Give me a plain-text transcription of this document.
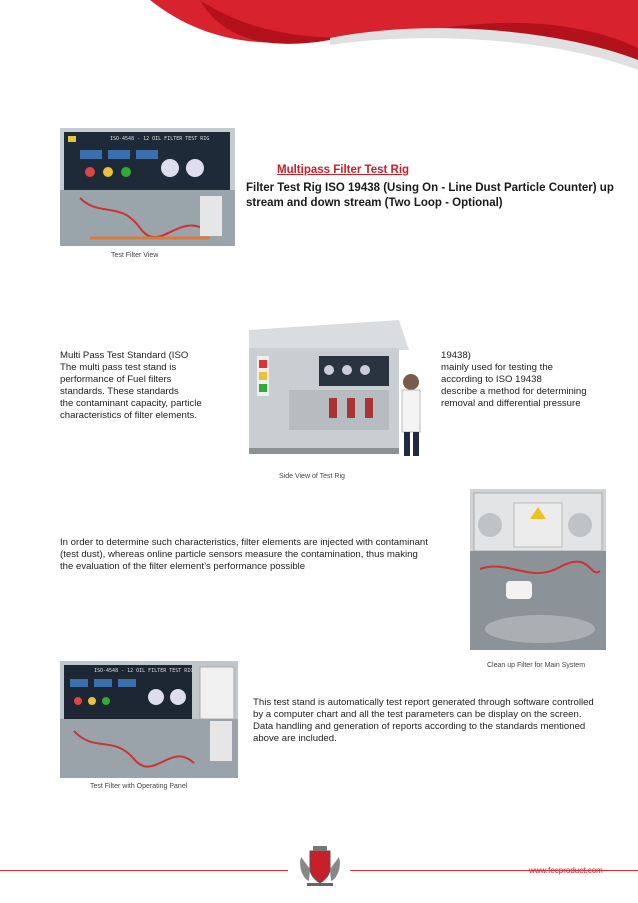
ISO-4548 - 12 OIL FILTER TEST RIG
Test Filter View
Multipass Filter Test Rig
Filter Test Rig ISO 19438 (Using On - Line Dust Particle Counter) up stream and down stream (Two Loop - Optional)
Multi Pass Test Standard (ISO
The multi pass test stand is
performance of Fuel filters
standards. These standards
the contaminant capacity, particle
characteristics of filter elements.
Side View of Test Rig
19438)
mainly used for testing the
according to ISO 19438
describe a method for determining
removal and differential pressure
In order to determine such characteristics, filter elements are injected with contaminant (test dust), whereas online particle sensors measure the contamination, thus making the evaluation of the filter element’s performance possible
Clean up Filter for Main System
ISO-4548 - 12 OIL FILTER TEST RIG
Test Filter with Operating Panel
This test stand is automatically test report generated through software controlled by a computer chart and all the test parameters can be display on the screen. Data handling and generation of reports according to the standards mentioned above are included.
www.fecproduct.com
